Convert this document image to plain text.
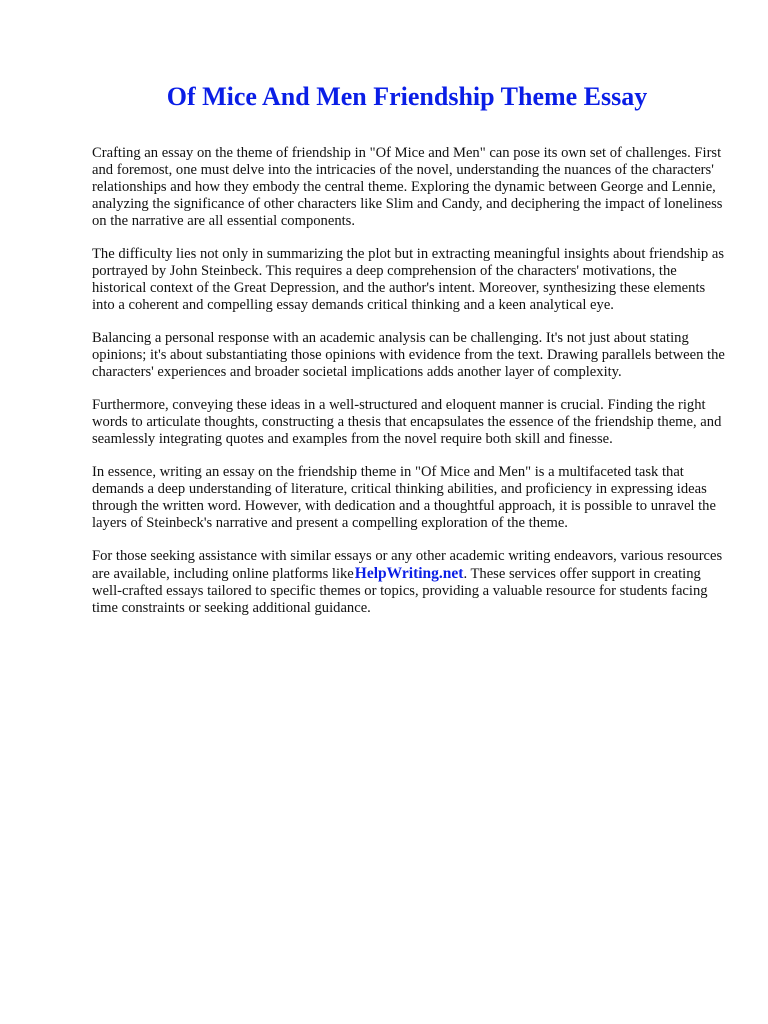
Of Mice And Men Friendship Theme Essay

Crafting an essay on the theme of friendship in "Of Mice and Men" can pose its own set of challenges. First and foremost, one must delve into the intricacies of the novel, understanding the nuances of the characters' relationships and how they embody the central theme. Exploring the dynamic between George and Lennie, analyzing the significance of other characters like Slim and Candy, and deciphering the impact of loneliness on the narrative are all essential components.

The difficulty lies not only in summarizing the plot but in extracting meaningful insights about friendship as portrayed by John Steinbeck. This requires a deep comprehension of the characters' motivations, the historical context of the Great Depression, and the author's intent. Moreover, synthesizing these elements into a coherent and compelling essay demands critical thinking and a keen analytical eye.

Balancing a personal response with an academic analysis can be challenging. It's not just about stating opinions; it's about substantiating those opinions with evidence from the text. Drawing parallels between the characters' experiences and broader societal implications adds another layer of complexity.

Furthermore, conveying these ideas in a well-structured and eloquent manner is crucial. Finding the right words to articulate thoughts, constructing a thesis that encapsulates the essence of the friendship theme, and seamlessly integrating quotes and examples from the novel require both skill and finesse.

In essence, writing an essay on the friendship theme in "Of Mice and Men" is a multifaceted task that demands a deep understanding of literature, critical thinking abilities, and proficiency in expressing ideas through the written word. However, with dedication and a thoughtful approach, it is possible to unravel the layers of Steinbeck's narrative and present a compelling exploration of the theme.

For those seeking assistance with similar essays or any other academic writing endeavors, various resources are available, including online platforms likeHelpWriting.net. These services offer support in creating well-crafted essays tailored to specific themes or topics, providing a valuable resource for students facing time constraints or seeking additional guidance.
